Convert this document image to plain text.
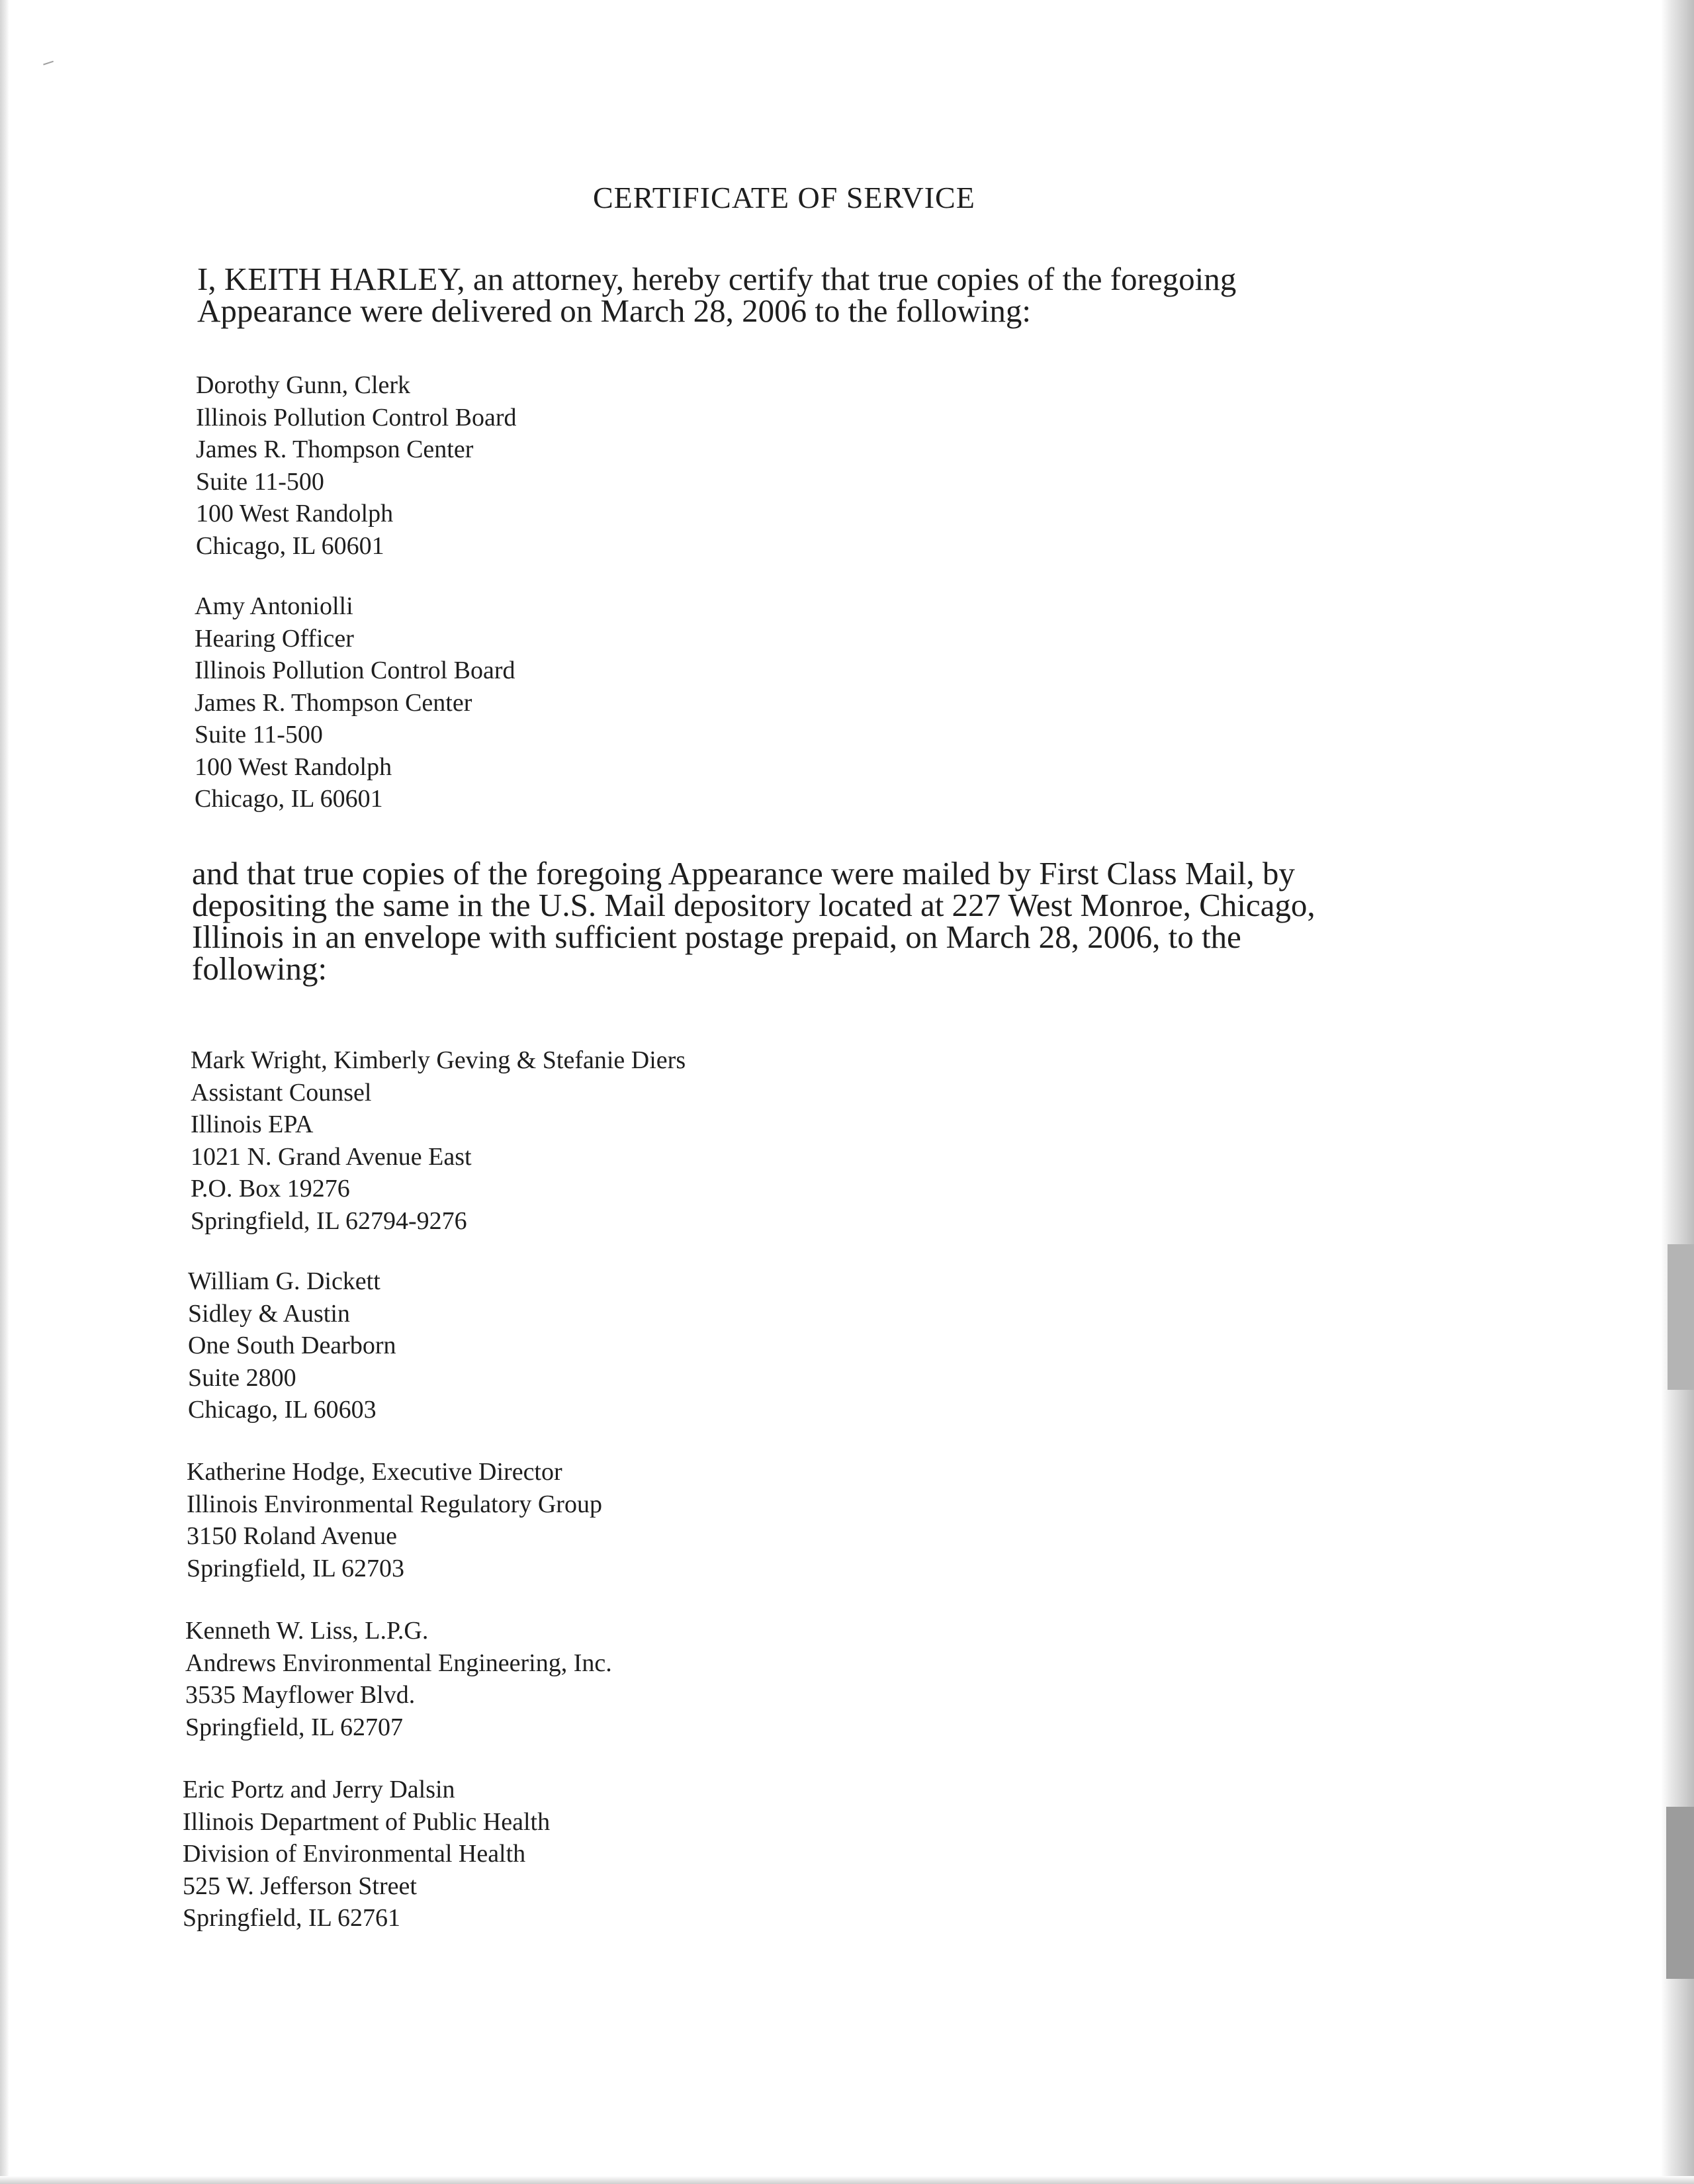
CERTIFICATE OF SERVICE
I, KEITH HARLEY, an attorney, hereby certify that true copies of the foregoing
Appearance were delivered on March 28, 2006 to the following:
Dorothy Gunn, Clerk
Illinois Pollution Control Board
James R. Thompson Center
Suite 11-500
100 West Randolph
Chicago, IL 60601
Amy Antoniolli
Hearing Officer
Illinois Pollution Control Board
James R. Thompson Center
Suite 11-500
100 West Randolph
Chicago, IL 60601
and that true copies of the foregoing Appearance were mailed by First Class Mail, by
depositing the same in the U.S. Mail depository located at 227 West Monroe, Chicago,
Illinois in an envelope with sufficient postage prepaid, on March 28, 2006, to the
following:
Mark Wright, Kimberly Geving & Stefanie Diers
Assistant Counsel
Illinois EPA
1021 N. Grand Avenue East
P.O. Box 19276
Springfield, IL 62794-9276
William G. Dickett
Sidley & Austin
One South Dearborn
Suite 2800
Chicago, IL 60603
Katherine Hodge, Executive Director
Illinois Environmental Regulatory Group
3150 Roland Avenue
Springfield, IL 62703
Kenneth W. Liss, L.P.G.
Andrews Environmental Engineering, Inc.
3535 Mayflower Blvd.
Springfield, IL 62707
Eric Portz and Jerry Dalsin
Illinois Department of Public Health
Division of Environmental Health
525 W. Jefferson Street
Springfield, IL 62761
